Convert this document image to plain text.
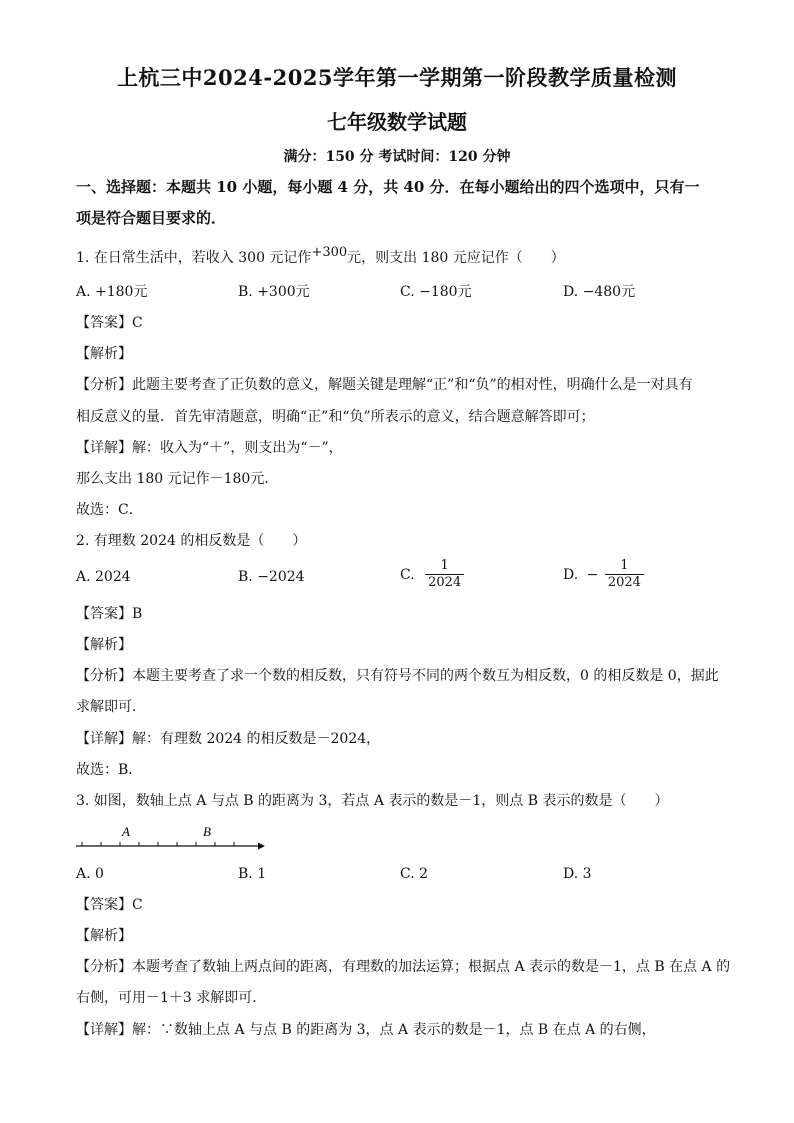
上杭三中2024-2025学年第一学期第一阶段教学质量检测
七年级数学试题
满分：150 分 考试时间：120 分钟
一、选择题：本题共 10 小题，每小题 4 分，共 40 分．在每小题给出的四个选项中，只有一
项是符合题目要求的．
1. 在日常生活中，若收入 300 元记作+300元，则支出 180 元应记作（　　）
A. +180元	B. +300元	C. −180元	D. −480元
【答案】C
【解析】
【分析】此题主要考查了正负数的意义，解题关键是理解“正”和“负”的相对性，明确什么是一对具有
相反意义的量．首先审清题意，明确“正”和“负”所表示的意义，结合题意解答即可；
【详解】解：收入为“＋”，则支出为“－”，
那么支出 180 元记作－180元．
故选：C．
2. 有理数 2024 的相反数是（　　）
A. 2024	B. −2024	C. $\frac{1}{2024}$	D. − $\frac{1}{2024}$
【答案】B
【解析】
【分析】本题主要考查了求一个数的相反数，只有符号不同的两个数互为相反数，0 的相反数是 0，据此
求解即可．
【详解】解：有理数 2024 的相反数是－2024，
故选：B．
3. 如图，数轴上点 A 与点 B 的距离为 3，若点 A 表示的数是－1，则点 B 表示的数是（　　）
A	B
A. 0	B. 1	C. 2	D. 3
【答案】C
【解析】
【分析】本题考查了数轴上两点间的距离，有理数的加法运算；根据点 A 表示的数是－1，点 B 在点 A 的
右侧，可用－1＋3 求解即可．
【详解】解：∵数轴上点 A 与点 B 的距离为 3，点 A 表示的数是－1，点 B 在点 A 的右侧，
